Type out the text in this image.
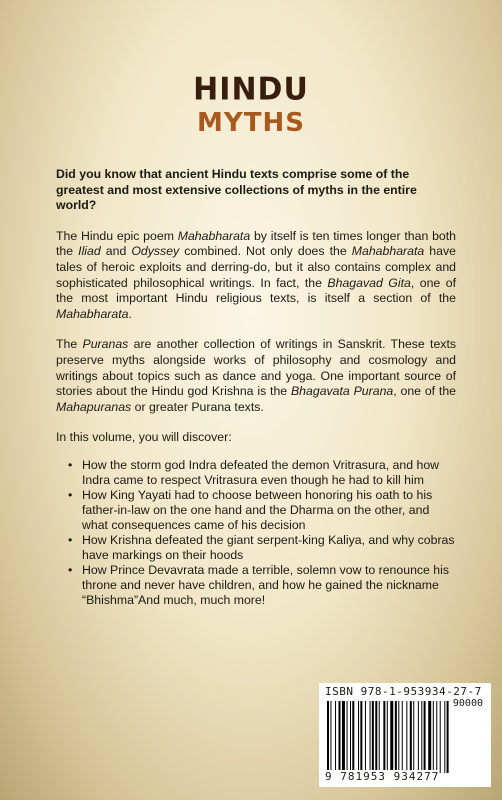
HINDU
MYTHS

Did you know that ancient Hindu texts comprise some of the greatest and most extensive collections of myths in the entire world?

The Hindu epic poem Mahabharata by itself is ten times longer than both the Iliad and Odyssey combined. Not only does the Mahabharata have tales of heroic exploits and derring-do, but it also contains complex and sophisticated philosophical writings. In fact, the Bhagavad Gita, one of the most important Hindu religious texts, is itself a section of the Mahabharata.

The Puranas are another collection of writings in Sanskrit. These texts preserve myths alongside works of philosophy and cosmology and writings about topics such as dance and yoga. One important source of stories about the Hindu god Krishna is the Bhagavata Purana, one of the Mahapuranas or greater Purana texts.

In this volume, you will discover:

• How the storm god Indra defeated the demon Vritrasura, and how Indra came to respect Vritrasura even though he had to kill him
• How King Yayati had to choose between honoring his oath to his father-in-law on the one hand and the Dharma on the other, and what consequences came of his decision
• How Krishna defeated the giant serpent-king Kaliya, and why cobras have markings on their hoods
• How Prince Devavrata made a terrible, solemn vow to renounce his throne and never have children, and how he gained the nickname “Bhishma”And much, much more!
ISBN 978-1-953934-27-7
90000
9 781953 934277
